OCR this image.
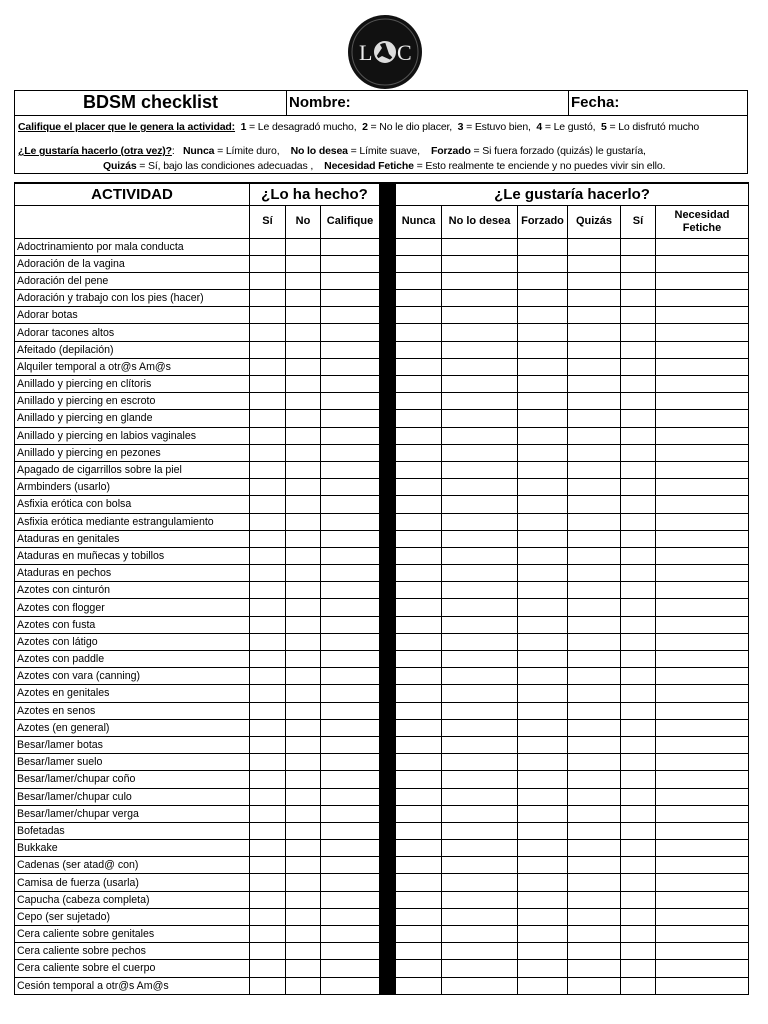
L C
BDSM checklist	Nombre:	Fecha:
Califique el placer que le genera la actividad: 1 = Le desagradó mucho, 2 = No le dio placer, 3 = Estuvo bien, 4 = Le gustó, 5 = Lo disfrutó mucho
¿Le gustaría hacerlo (otra vez)?:   Nunca = Límite duro, No lo desea = Límite suave, Forzado = Si fuera forzado (quizás) le gustaría,
Quizás = Sí, bajo las condiciones adecuadas , Necesidad Fetiche = Esto realmente te enciende y no puedes vivir sin ello.
ACTIVIDAD	¿Lo ha hecho?				¿Le gustaría hacerlo?					
	Sí	No	Califique		Nunca	No lo desea	Forzado	Quizás	Sí	Necesidad Fetiche
Adoctrinamiento por mala conducta										
Adoración de la vagina										
Adoración del pene										
Adoración y trabajo con los pies (hacer)										
Adorar botas										
Adorar tacones altos										
Afeitado (depilación)										
Alquiler temporal a otr@s Am@s										
Anillado y piercing en clítoris										
Anillado y piercing en escroto										
Anillado y piercing en glande										
Anillado y piercing en labios vaginales										
Anillado y piercing en pezones										
Apagado de cigarrillos sobre la piel										
Armbinders (usarlo)										
Asfixia erótica con bolsa										
Asfixia erótica mediante estrangulamiento										
Ataduras en genitales										
Ataduras en muñecas y tobillos										
Ataduras en pechos										
Azotes con cinturón										
Azotes con flogger										
Azotes con fusta										
Azotes con látigo										
Azotes con paddle										
Azotes con vara (canning)										
Azotes en genitales										
Azotes en senos										
Azotes (en general)										
Besar/lamer botas										
Besar/lamer suelo										
Besar/lamer/chupar coño										
Besar/lamer/chupar culo										
Besar/lamer/chupar verga										
Bofetadas										
Bukkake										
Cadenas (ser atad@ con)										
Camisa de fuerza (usarla)										
Capucha (cabeza completa)										
Cepo (ser sujetado)										
Cera caliente sobre genitales										
Cera caliente sobre pechos										
Cera caliente sobre el cuerpo										
Cesión temporal a otr@s Am@s										
